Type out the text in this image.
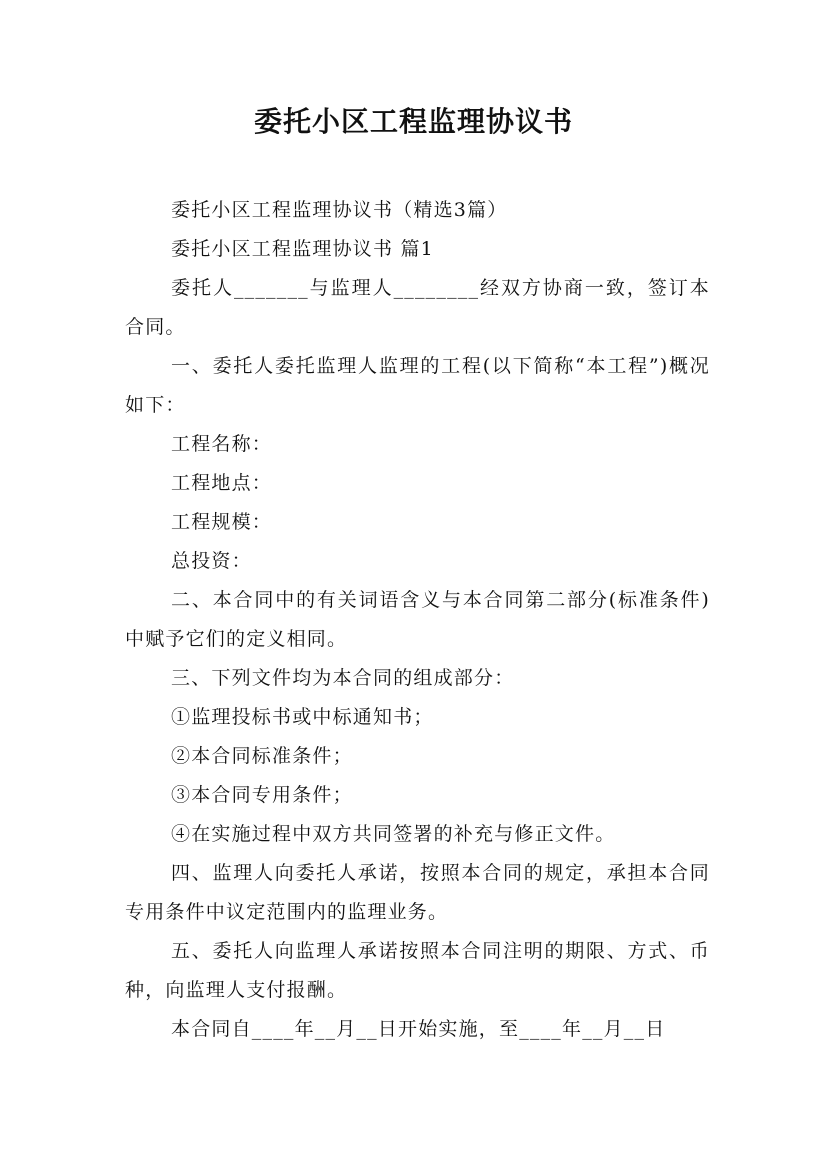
委托小区工程监理协议书

委托小区工程监理协议书（精选3篇）

委托小区工程监理协议书 篇1

委托人_______与监理人________经双方协商一致，签订本合同。

一、委托人委托监理人监理的工程(以下简称“本工程”)概况如下：

工程名称：

工程地点：

工程规模：

总投资：

二、本合同中的有关词语含义与本合同第二部分(标准条件)中赋予它们的定义相同。

三、下列文件均为本合同的组成部分：

①监理投标书或中标通知书；

②本合同标准条件；

③本合同专用条件；

④在实施过程中双方共同签署的补充与修正文件。

四、监理人向委托人承诺，按照本合同的规定，承担本合同专用条件中议定范围内的监理业务。

五、委托人向监理人承诺按照本合同注明的期限、方式、币种，向监理人支付报酬。

本合同自____年__月__日开始实施，至____年__月__日
